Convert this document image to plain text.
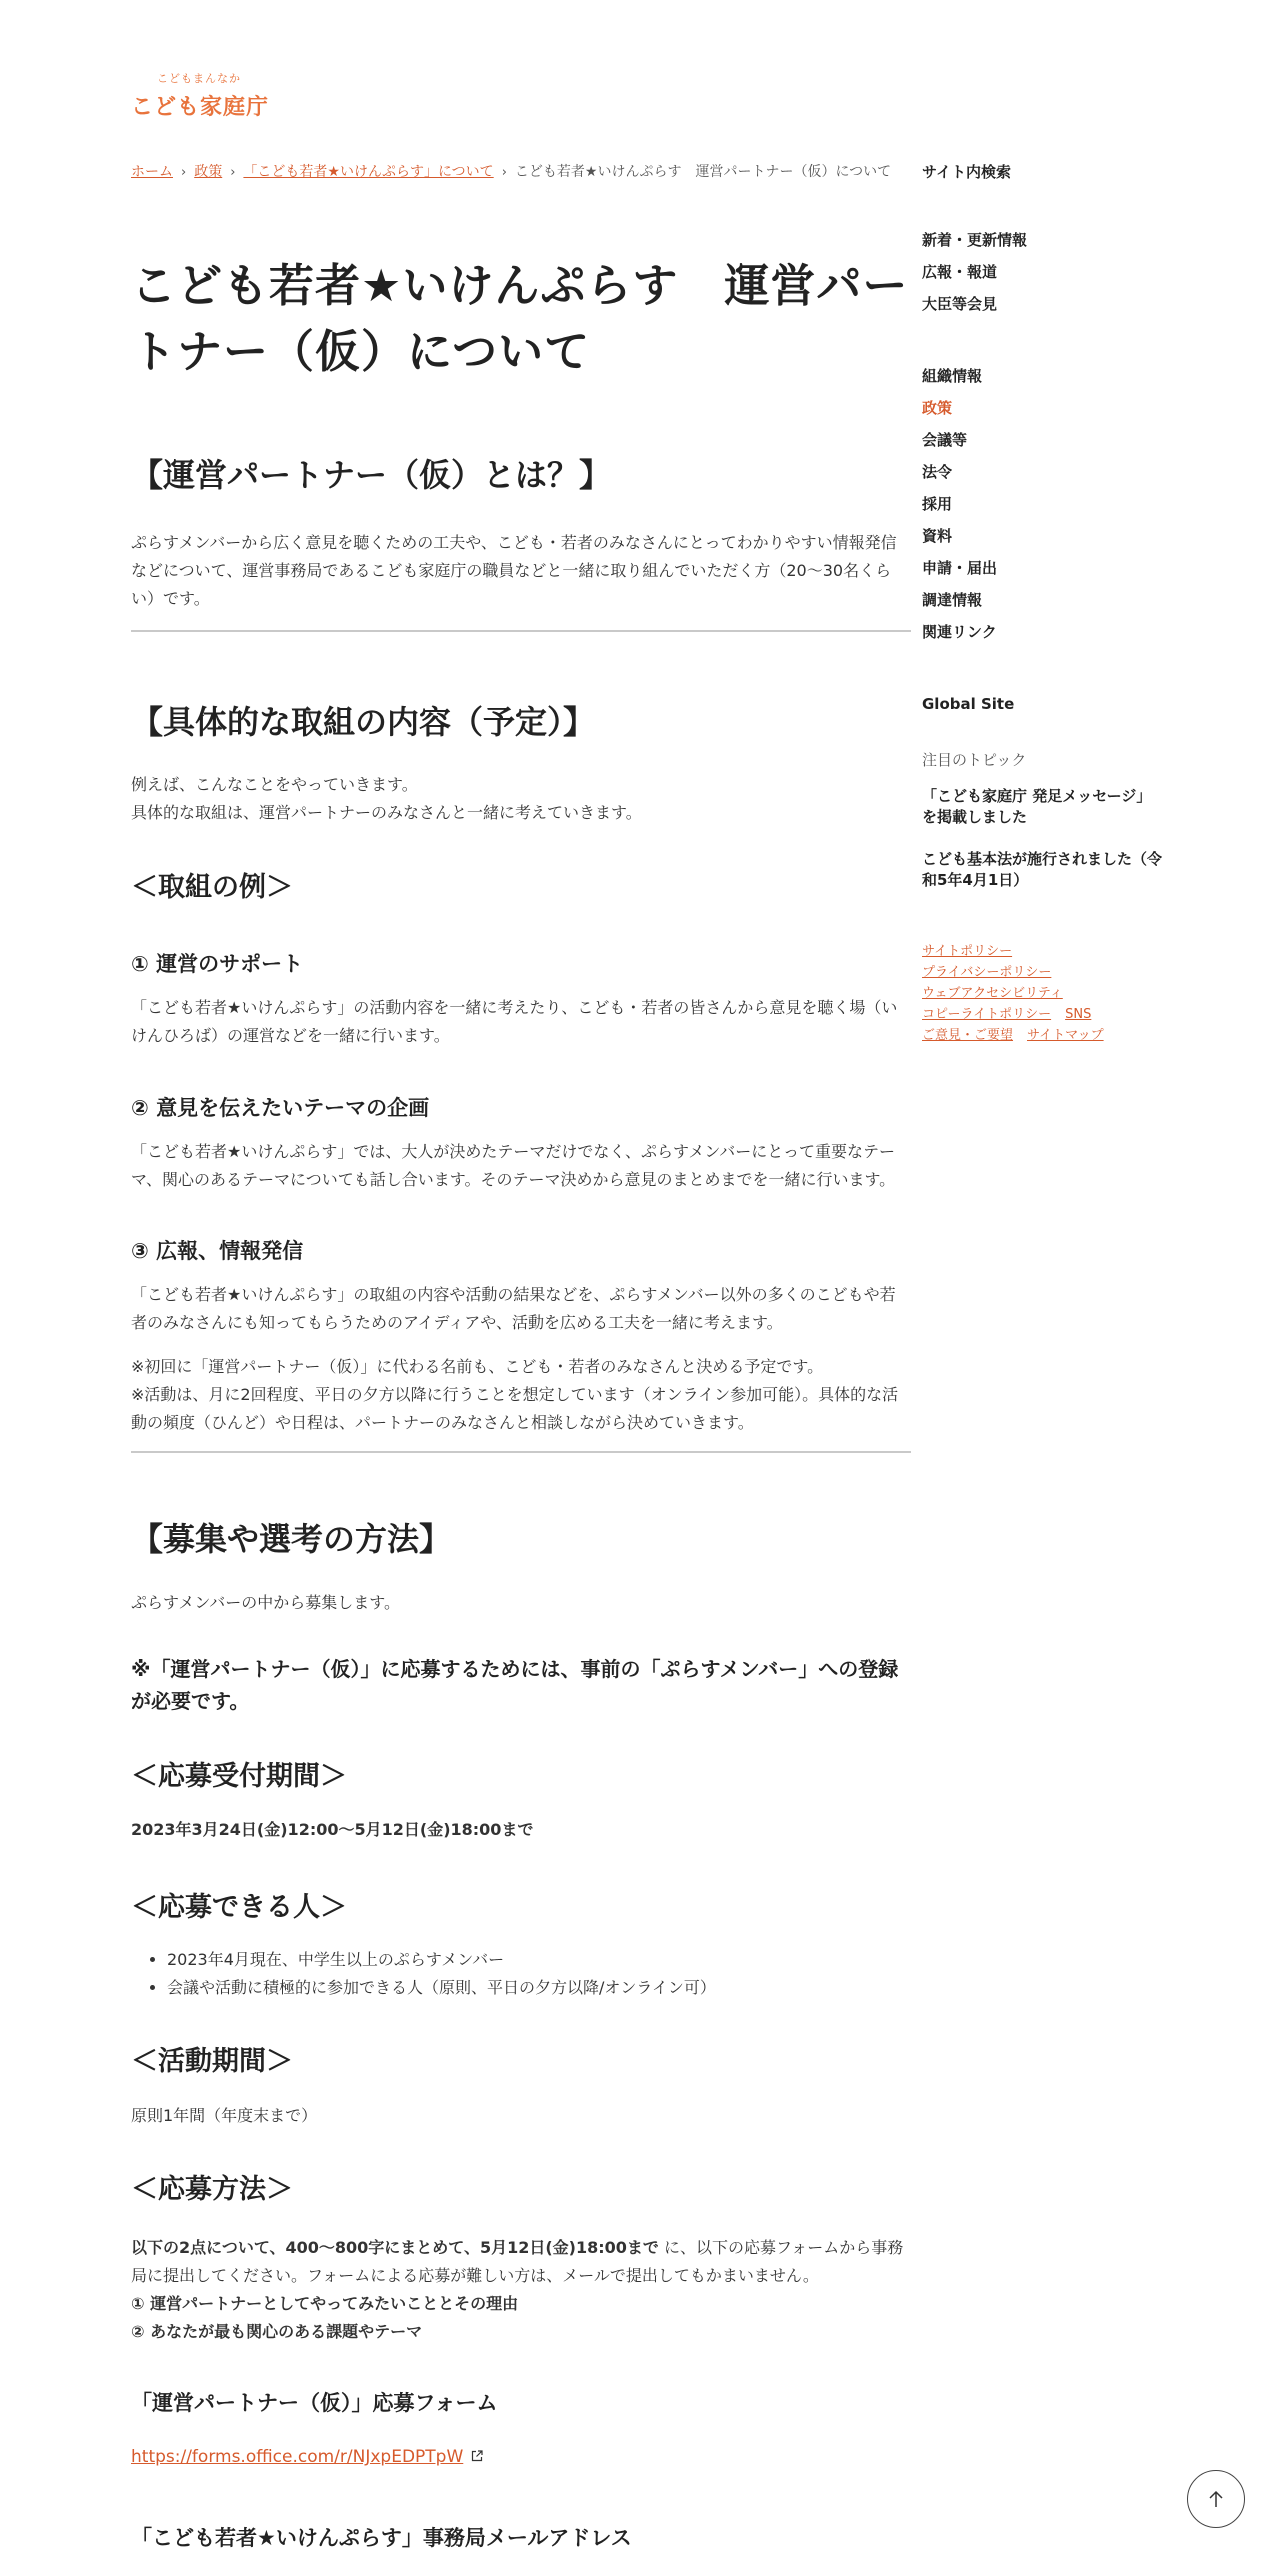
こどもまんなか
こども家庭庁
ホーム › 政策 › 「こども若者★いけんぷらす」について › こども若者★いけんぷらす　運営パートナー（仮）について
こども若者★いけんぷらす　運営パートナー（仮）について
【運営パートナー（仮）とは？】

ぷらすメンバーから広く意見を聴くための工夫や、こども・若者のみなさんにとってわかりやすい情報発信などについて、運営事務局であるこども家庭庁の職員などと一緒に取り組んでいただく方（20～30名くらい）です。

【具体的な取組の内容（予定）】

例えば、こんなことをやっていきます。
具体的な取組は、運営パートナーのみなさんと一緒に考えていきます。

＜取組の例＞
① 運営のサポート

「こども若者★いけんぷらす」の活動内容を一緒に考えたり、こども・若者の皆さんから意見を聴く場（いけんひろば）の運営などを一緒に行います。

② 意見を伝えたいテーマの企画

「こども若者★いけんぷらす」では、大人が決めたテーマだけでなく、ぷらすメンバーにとって重要なテーマ、関心のあるテーマについても話し合います。そのテーマ決めから意見のまとめまでを一緒に行います。

③ 広報、情報発信

「こども若者★いけんぷらす」の取組の内容や活動の結果などを、ぷらすメンバー以外の多くのこどもや若者のみなさんにも知ってもらうためのアイディアや、活動を広める工夫を一緒に考えます。

※初回に「運営パートナー（仮）」に代わる名前も、こども・若者のみなさんと決める予定です。
※活動は、月に2回程度、平日の夕方以降に行うことを想定しています（オンライン参加可能）。具体的な活動の頻度（ひんど）や日程は、パートナーのみなさんと相談しながら決めていきます。

【募集や選考の方法】

ぷらすメンバーの中から募集します。

※「運営パートナー（仮）」に応募するためには、事前の「ぷらすメンバー」への登録が必要です。

＜応募受付期間＞

2023年3月24日(金)12:00～5月12日(金)18:00まで

＜応募できる人＞
• 2023年4月現在、中学生以上のぷらすメンバー
• 会議や活動に積極的に参加できる人（原則、平日の夕方以降/オンライン可）
＜活動期間＞

原則1年間（年度末まで）

＜応募方法＞

以下の2点について、400～800字にまとめて、5月12日(金)18:00まで に、以下の応募フォームから事務局に提出してください。フォームによる応募が難しい方は、メールで提出してもかまいません。
① 運営パートナーとしてやってみたいこととその理由
② あなたが最も関心のある課題やテーマ

「運営パートナー（仮）」応募フォーム

https://forms.office.com/r/NJxpEDPTpW

「こども若者★いけんぷらす」事務局メールアドレス
サイト内検索
新着・更新情報
広報・報道
大臣等会見
組織情報
政策
会議等
法令
採用
資料
申請・届出
調達情報
関連リンク
Global Site
注目のトピック
「こども家庭庁 発足メッセージ」を掲載しました
こども基本法が施行されました（令和5年4月1日）
サイトポリシー
プライバシーポリシー
ウェブアクセシビリティ
コピーライトポリシー SNS
ご意見・ご要望 サイトマップ
